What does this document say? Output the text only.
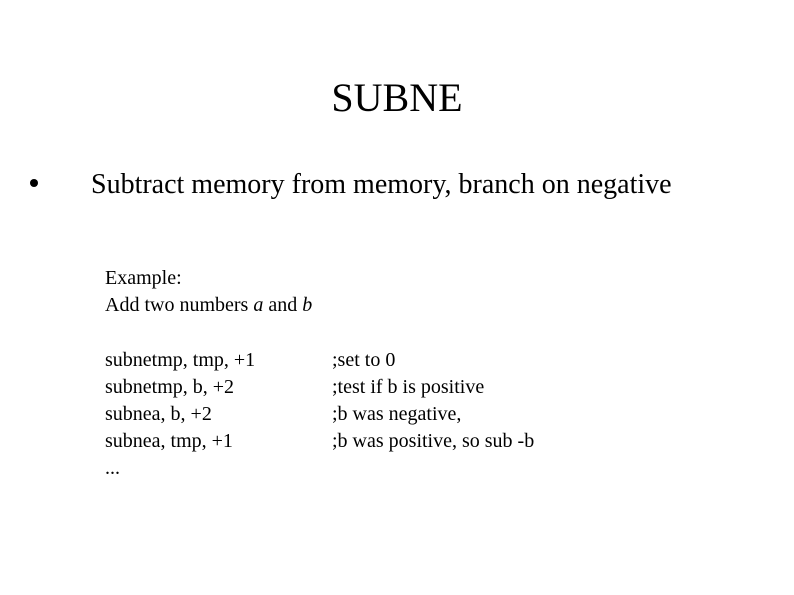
SUBNE
Subtract memory from memory, branch on negative
Example:
Add two numbers a and b
subnetmp, tmp, +1	;set to 0
subnetmp, b, +2	;test if b is positive
subnea, b, +2	;b was negative,
subnea, tmp, +1	;b was positive, so sub -b
...
